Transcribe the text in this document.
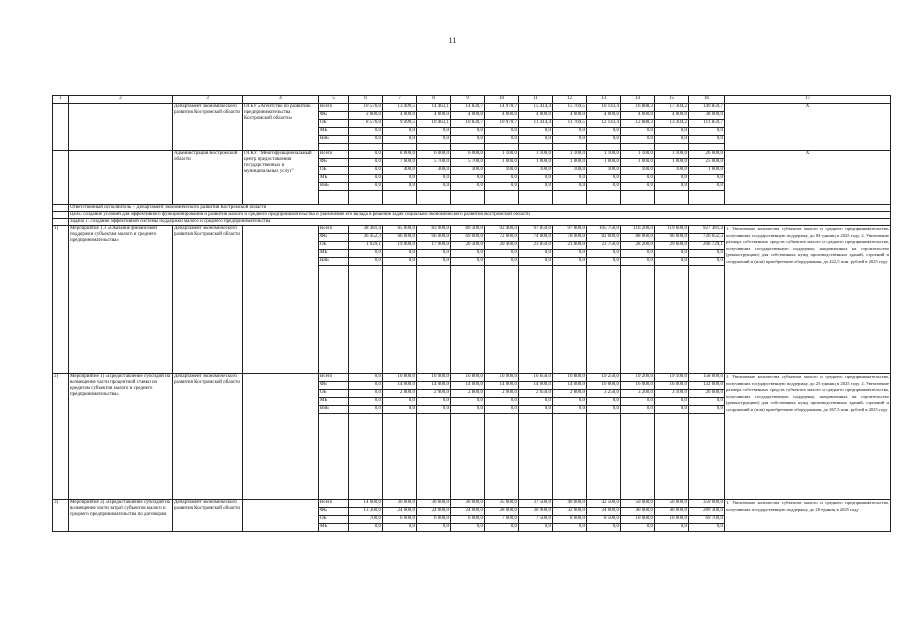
11
1	2	3	4	5	6	7	8	9	10	11	12	13	14	15	16	17
		Департамент экономического развития Костромской области	ОГБУ «Агентство по развитию предпринимательства Костромской области»	Всего	10 576,0	13 499,5	14 463,1	14 830,7	14 970,7	15 414,4	15 769,5	16 143,4	16 888,3	17 304,2	149 859,7	Х
				ФБ	2 000,0	4 000,0	4 000,0	4 000,0	4 000,0	4 000,0	4 000,0	4 000,0	4 000,0	4 000,0	38 000,0	
				ОБ	8 576,0	9 499,5	10 463,1	10 830,7	10 970,7	11 414,4	11 769,5	12 143,4	12 888,3	13 304,2	111 859,7	
				МБ	0,0	0,0	0,0	0,0	0,0	0,0	0,0	0,0	0,0	0,0	0,0	
				ВнБ	0,0	0,0	0,0	0,0	0,0	0,0	0,0	0,0	0,0	0,0	0,0	

		Администрация Костромской области	ОГКУ "Многофункциональный центр предоставления государственных и муниципальных услуг"	Всего	0,0	8 000,0	6 000,0	6 000,0	1 100,0	1 100,0	1 100,0	1 100,0	1 100,0	1 100,0	26 600,0	Х
				ФБ	0,0	7 600,0	5 700,0	5 700,0	1 000,0	1 000,0	1 000,0	1 000,0	1 000,0	1 000,0	25 000,0	
				ОБ	0,0	400,0	300,0	300,0	100,0	100,0	100,0	100,0	100,0	100,0	1 600,0	
				МБ	0,0	0,0	0,0	0,0	0,0	0,0	0,0	0,0	0,0	0,0	0,0	
				ВнБ	0,0	0,0	0,0	0,0	0,0	0,0	0,0	0,0	0,0	0,0	0,0	

	Ответственный исполнитель – Департамент экономического развития Костромской области															
	Цель: создание условий для эффективного функционирования и развития малого и среднего предпринимательства и увеличение его вклада в решение задач социально-экономического развития Костромской области															
	Задача 1: создание эффективной системы поддержки малого и среднего предпринимательства															
1)	Мероприятие 1.1 «Оказание финансовой поддержки субъектам малого и среднего предпринимательства»	Департамент экономического развития Костромской области		Всего	38 381,4	85 000,0	83 900,0	89 300,0	92 400,0	97 850,0	97 800,0	105 750,0	116 200,0	119 600,0	927 381,4	1. Увеличение количества субъектов малого и среднего предпринимательства, получивших государственную поддержку, до 84 единиц в 2025 году. 2. Увеличение размера собственных средств субъектов малого и среднего предпринимательства, получивших государственную поддержку, направленных на строительство (реконструкцию) для собственных нужд производственных зданий, строений и сооружений и (или) приобретение оборудования, до 422,5 млн. рублей в 2025 году
				ФБ	36 452,3	66 000,0	66 000,0	69 000,0	72 000,0	74 000,0	78 000,0	82 000,0	88 000,0	90 000,0	720 652,3	
				ОБ	1 929,1	19 000,0	17 900,0	20 300,0	20 400,0	23 850,0	21 800,0	23 750,0	28 200,0	29 600,0	206 729,1	
				МБ	0,0	0,0	0,0	0,0	0,0	0,0	0,0	0,0	0,0	0,0	0,0	
				ВнБ	0,0	0,0	0,0	0,0	0,0	0,0	0,0	0,0	0,0	0,0	0,0	

2)	Мероприятие 1) «Предоставление субсидий на возмещение части процентной ставки по кредитам субъектов малого и среднего предпринимательства»	Департамент экономического развития Костромской области		Всего	0,0	16 800,0	16 900,0	16 800,0	16 900,0	16 650,0	16 800,0	19 250,0	19 200,0	19 100,0	158 600,0	1. Увеличение количества субъектов малого и среднего предпринимательства, получивших государственную поддержку, до 25 единиц в 2025 году. 2. Увеличение размера собственных средств субъектов малого и среднего предпринимательства, получивших государственную поддержку, направленных на строительство (реконструкцию) для собственных нужд производственных зданий, строений и сооружений и (или) приобретение оборудования, до 267,5 млн. рублей в 2025 году
				ФБ	0,0	14 000,0	14 000,0	14 000,0	14 000,0	14 000,0	14 000,0	16 000,0	16 000,0	16 000,0	132 000,0	
				ОБ	0,0	2 800,0	2 900,0	2 800,0	2 900,0	2 650,0	2 800,0	3 250,0	3 200,0	3 100,0	26 600,0	
				МБ	0,0	0,0	0,0	0,0	0,0	0,0	0,0	0,0	0,0	0,0	0,0	
				ВнБ	0,0	0,0	0,0	0,0	0,0	0,0	0,0	0,0	0,0	0,0	0,0	

3)	Мероприятие 2) «Предоставление субсидий на возмещение части затрат субъектов малого и среднего предпринимательства по договорам	Департамент экономического развития Костромской области		Всего	14 000,0	30 000,0	30 000,0	30 000,0	35 000,0	37 500,0	40 000,0	42 500,0	50 000,0	50 000,0	359 000,0	1. Увеличение количества субъектов малого и среднего предпринимательства, получивших государственную поддержку, до 20 единиц в 2025 году
				ФБ	13 300,0	24 000,0	24 000,0	24 000,0	28 000,0	30 900,0	32 000,0	34 000,0	40 000,0	40 000,0	289 300,0	
				ОБ	700,0	6 000,0	6 000,0	6 000,0	7 000,0	7 500,0	8 000,0	8 500,0	10 000,0	10 000,0	69 700,0	
				МБ	0,0	0,0	0,0	0,0	0,0	0,0	0,0	0,0	0,0	0,0	0,0	
